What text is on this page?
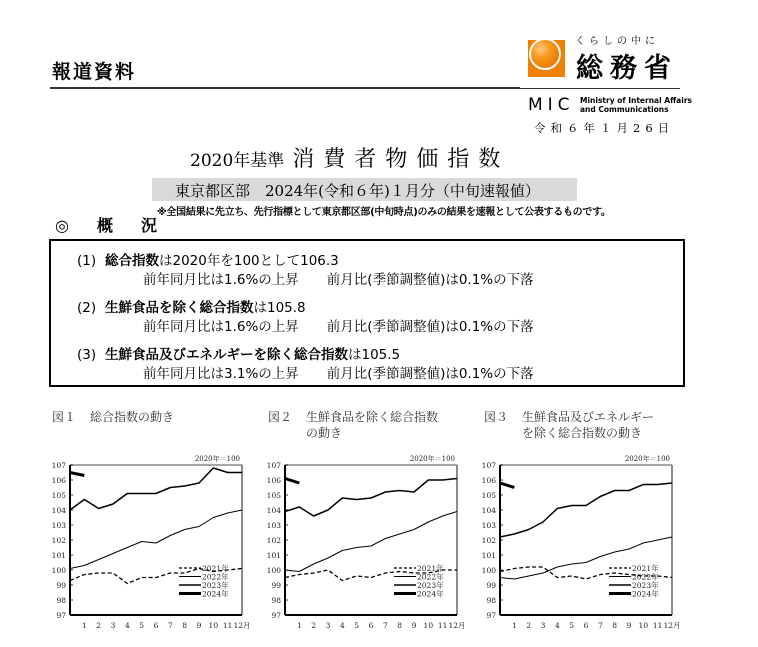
報道資料
くらしの中に
総務省
MIC Ministry of Internal Affairs
and Communications
令和６年１月26日
2020年基準 消費者物価指数
東京都区部　2024年(令和６年)１月分（中旬速報値）
※全国結果に先立ち、先行指標として東京都区部(中旬時点)のみの結果を速報として公表するものです。
◎　概　況
(1) 総合指数は2020年を100として106.3
前年同月比は1.6%の上昇 前月比(季節調整値)は0.1%の下落
(2) 生鮮食品を除く総合指数は105.8
前年同月比は1.6%の上昇 前月比(季節調整値)は0.1%の下落
(3) 生鮮食品及びエネルギーを除く総合指数は105.5
前年同月比は3.1%の上昇 前月比(季節調整値)は0.1%の下落
図１ 総合指数の動き	図２ 生鮮食品を除く総合指数
の動き
図３ 生鮮食品及びエネルギー
を除く総合指数の動き
2020年＝100
97
98
99
100
101
102
103
104
105
106
107
1 2 3 4 5 6 7 8 9 10 11 12月
2021年
2022年
2023年
2024年
2020年＝100
97
98
99
100
101
102
103
104
105
106
107
1 2 3 4 5 6 7 8 9 10 11 12月
2021年
2022年
2023年
2024年
2020年＝100
97
98
99
100
101
102
103
104
105
106
107
1 2 3 4 5 6 7 8 9 10 11 12月
2021年
2022年
2023年
2024年
